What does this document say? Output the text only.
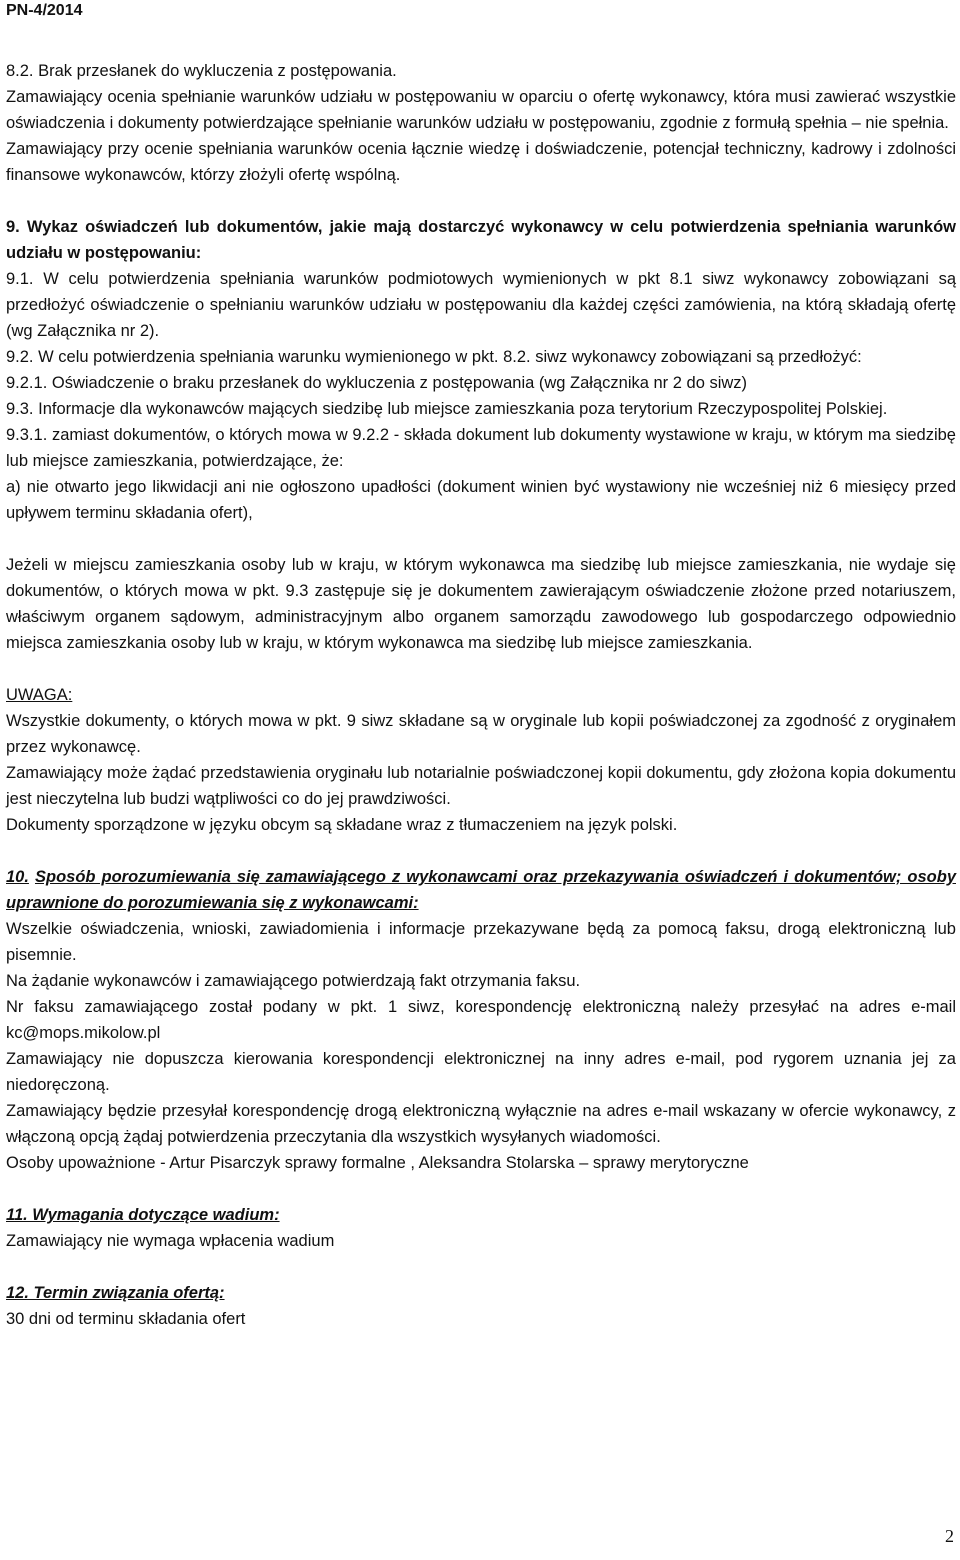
PN-4/2014

8.2. Brak przesłanek do wykluczenia z postępowania.

Zamawiający ocenia spełnianie warunków udziału w postępowaniu w oparciu o ofertę wykonawcy, która musi zawierać wszystkie oświadczenia i dokumenty potwierdzające spełnianie warunków udziału w postępowaniu, zgodnie z formułą spełnia – nie spełnia.

Zamawiający przy ocenie spełniania warunków ocenia łącznie wiedzę i doświadczenie, potencjał techniczny, kadrowy i zdolności finansowe wykonawców, którzy złożyli ofertę wspólną.

9. Wykaz oświadczeń lub dokumentów, jakie mają dostarczyć wykonawcy w celu potwierdzenia spełniania warunków udziału w postępowaniu:

9.1. W celu potwierdzenia spełniania warunków podmiotowych wymienionych w pkt 8.1 siwz wykonawcy zobowiązani są przedłożyć oświadczenie o spełnianiu warunków udziału w postępowaniu dla każdej części zamówienia, na którą składają ofertę (wg Załącznika nr 2).

9.2. W celu potwierdzenia spełniania warunku wymienionego w pkt. 8.2. siwz wykonawcy zobowiązani są przedłożyć:

9.2.1. Oświadczenie o braku przesłanek do wykluczenia z postępowania (wg Załącznika nr 2 do siwz)

9.3. Informacje dla wykonawców mających siedzibę lub miejsce zamieszkania poza terytorium Rzeczypospolitej Polskiej.

9.3.1. zamiast dokumentów, o których mowa w 9.2.2 - składa dokument lub dokumenty wystawione w kraju, w którym ma siedzibę lub miejsce zamieszkania, potwierdzające, że:

a) nie otwarto jego likwidacji ani nie ogłoszono upadłości (dokument winien być wystawiony nie wcześniej niż 6 miesięcy przed upływem terminu składania ofert),

Jeżeli w miejscu zamieszkania osoby lub w kraju, w którym wykonawca ma siedzibę lub miejsce zamieszkania, nie wydaje się dokumentów, o których mowa w pkt. 9.3 zastępuje się je dokumentem zawierającym oświadczenie złożone przed notariuszem, właściwym organem sądowym, administracyjnym albo organem samorządu zawodowego lub gospodarczego odpowiednio miejsca zamieszkania osoby lub w kraju, w którym wykonawca ma siedzibę lub miejsce zamieszkania.

UWAGA:

Wszystkie dokumenty, o których mowa w pkt. 9 siwz składane są w oryginale lub kopii poświadczonej za zgodność z oryginałem przez wykonawcę.

Zamawiający może żądać przedstawienia oryginału lub notarialnie poświadczonej kopii dokumentu, gdy złożona kopia dokumentu jest nieczytelna lub budzi wątpliwości co do jej prawdziwości.

Dokumenty sporządzone w języku obcym są składane wraz z tłumaczeniem na język polski.

10. Sposób porozumiewania się zamawiającego z wykonawcami oraz przekazywania oświadczeń i dokumentów; osoby uprawnione do porozumiewania się z wykonawcami:

Wszelkie oświadczenia, wnioski, zawiadomienia i informacje przekazywane będą za pomocą faksu, drogą elektroniczną lub pisemnie.

Na żądanie wykonawców i zamawiającego potwierdzają fakt otrzymania faksu.

Nr faksu zamawiającego został podany w pkt. 1 siwz, korespondencję elektroniczną należy przesyłać na adres e-mail kc@mops.mikolow.pl

Zamawiający nie dopuszcza kierowania korespondencji elektronicznej na inny adres e-mail, pod rygorem uznania jej za niedoręczoną.

Zamawiający będzie przesyłał korespondencję drogą elektroniczną wyłącznie na adres e-mail wskazany w ofercie wykonawcy, z włączoną opcją żądaj potwierdzenia przeczytania dla wszystkich wysyłanych wiadomości.

Osoby upoważnione - Artur Pisarczyk sprawy formalne , Aleksandra Stolarska – sprawy merytoryczne

11. Wymagania dotyczące wadium:

Zamawiający nie wymaga wpłacenia wadium

12. Termin związania ofertą:

30 dni od terminu składania ofert

2
